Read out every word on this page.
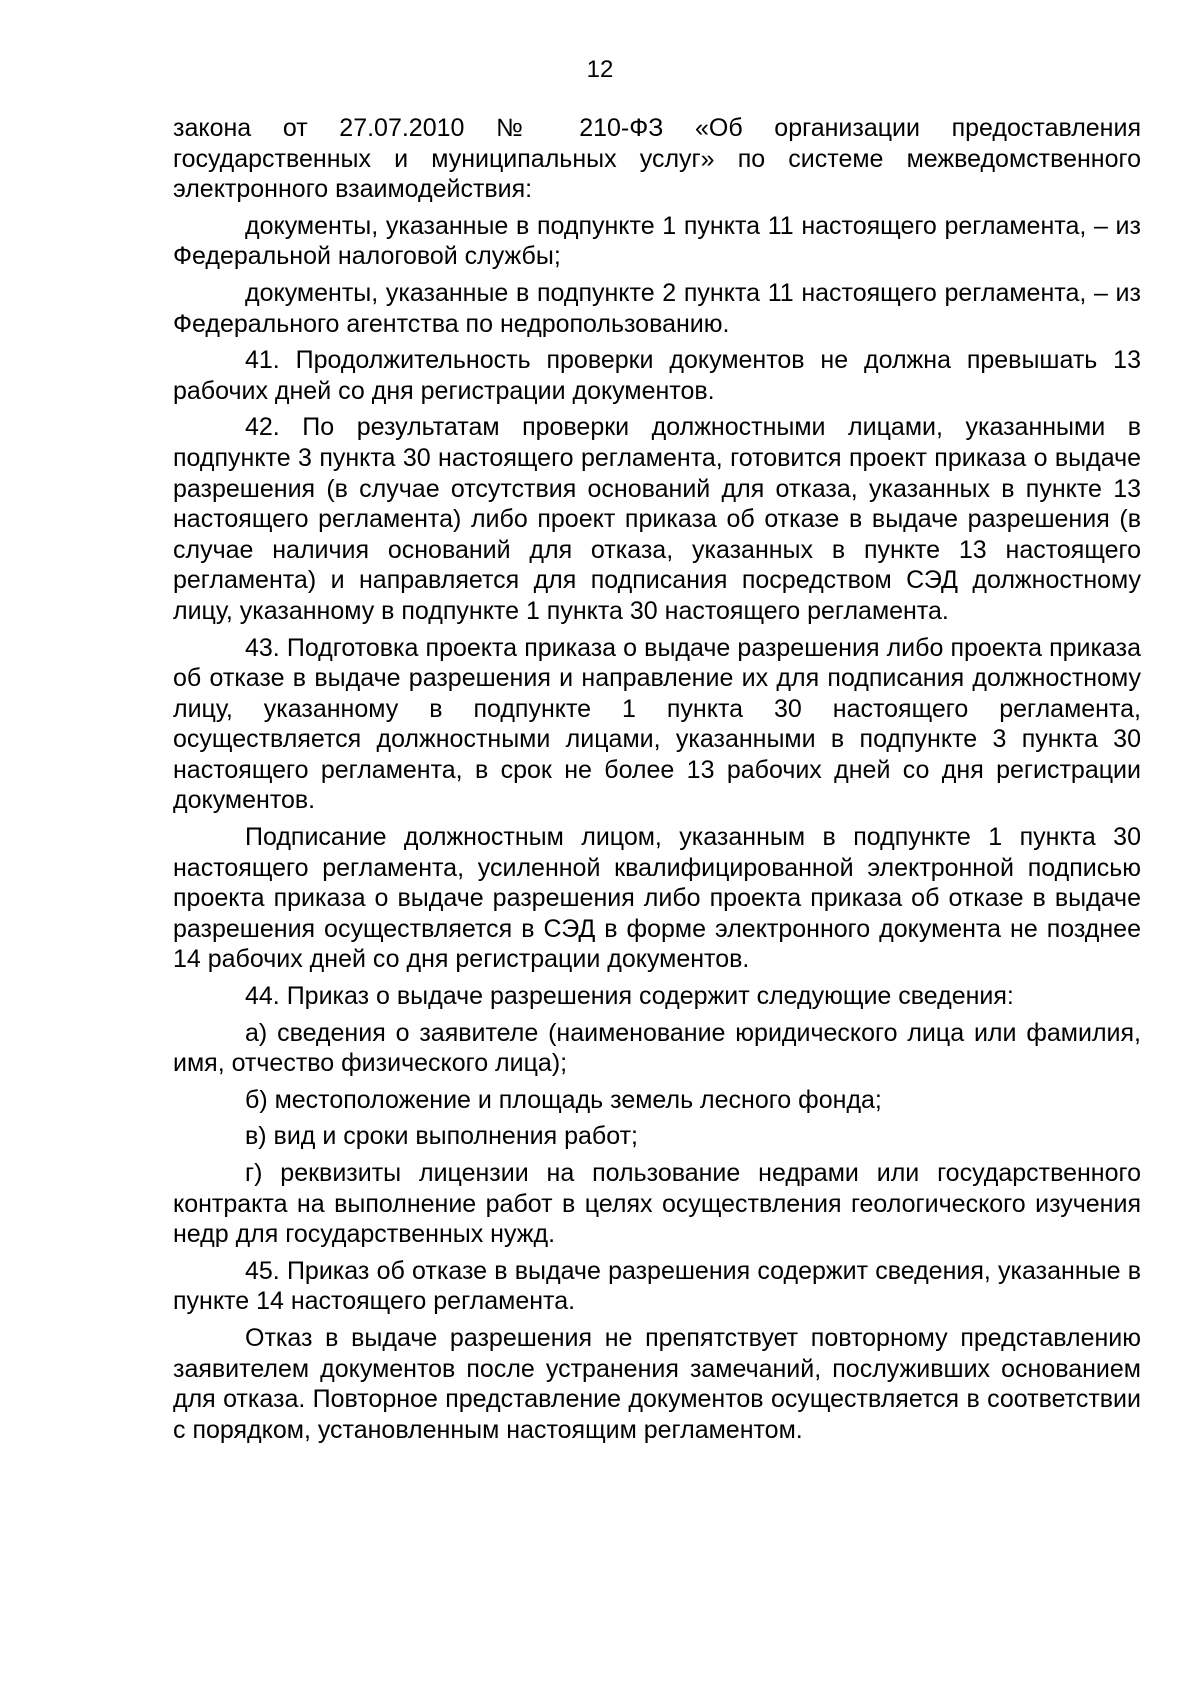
12

закона от 27.07.2010 № 210-ФЗ «Об организации предоставления государственных и муниципальных услуг» по системе межведомственного электронного взаимодействия:

документы, указанные в подпункте 1 пункта 11 настоящего регламента, – из Федеральной налоговой службы;

документы, указанные в подпункте 2 пункта 11 настоящего регламента, – из Федерального агентства по недропользованию.

41. Продолжительность проверки документов не должна превышать 13 рабочих дней со дня регистрации документов.

42. По результатам проверки должностными лицами, указанными в подпункте 3 пункта 30 настоящего регламента, готовится проект приказа о выдаче разрешения (в случае отсутствия оснований для отказа, указанных в пункте 13 настоящего регламента) либо проект приказа об отказе в выдаче разрешения (в случае наличия оснований для отказа, указанных в пункте 13 настоящего регламента) и направляется для подписания посредством СЭД должностному лицу, указанному в подпункте 1 пункта 30 настоящего регламента.

43. Подготовка проекта приказа о выдаче разрешения либо проекта приказа об отказе в выдаче разрешения и направление их для подписания должностному лицу, указанному в подпункте 1 пункта 30 настоящего регламента, осуществляется должностными лицами, указанными в подпункте 3 пункта 30 настоящего регламента, в срок не более 13 рабочих дней со дня регистрации документов.

Подписание должностным лицом, указанным в подпункте 1 пункта 30 настоящего регламента, усиленной квалифицированной электронной подписью проекта приказа о выдаче разрешения либо проекта приказа об отказе в выдаче разрешения осуществляется в СЭД в форме электронного документа не позднее 14 рабочих дней со дня регистрации документов.

44. Приказ о выдаче разрешения содержит следующие сведения:

а) сведения о заявителе (наименование юридического лица или фамилия, имя, отчество физического лица);

б) местоположение и площадь земель лесного фонда;

в) вид и сроки выполнения работ;

г) реквизиты лицензии на пользование недрами или государственного контракта на выполнение работ в целях осуществления геологического изучения недр для государственных нужд.

45. Приказ об отказе в выдаче разрешения содержит сведения, указанные в пункте 14 настоящего регламента.

Отказ в выдаче разрешения не препятствует повторному представлению заявителем документов после устранения замечаний, послуживших основанием для отказа. Повторное представление документов осуществляется в соответствии с порядком, установленным настоящим регламентом.
